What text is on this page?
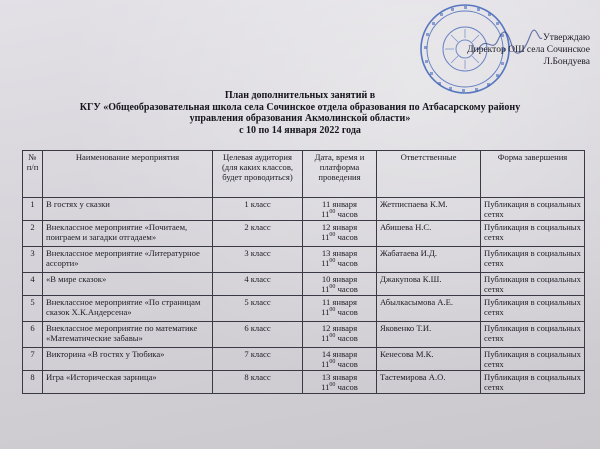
Утверждаю
Директор ОШ села Сочинское
Л.Бондуева
План дополнительных занятий в
КГУ «Общеобразовательная школа села Сочинское отдела образования по Атбасарскому району
управления образования Акмолинской области»
с 10 по 14 января 2022 года
№ п/п	Наименование мероприятия	Целевая аудитория (для каких классов, будет проводиться)	Дата, время и платформа проведения	Ответственные	Форма завершения
1	В гостях у сказки	1 класс	11 января
$11^{00}$ часов	Жетписпаева К.М.	Публикация в социальных сетях
2	Внеклассное мероприятие «Почитаем, поиграем и загадки отгадаем»	2 класс	12 января
$11^{00}$ часов	Абишева Н.С.	Публикация в социальных сетях
3	Внеклассное мероприятие «Литературное ассорти»	3 класс	13 января
$11^{00}$ часов	Жабатаева И.Д.	Публикация в социальных сетях
4	«В мире сказок»	4 класс	10 января
$11^{00}$ часов	Джакупова К.Ш.	Публикация в социальных сетях
5	Внеклассное мероприятие «По страницам сказок Х.К.Андерсена»	5 класс	11 января
$11^{00}$ часов	Абылкасымова А.Е.	Публикация в социальных сетях
6	Внеклассное мероприятие по математике «Математические забавы»	6 класс	12 января
$11^{00}$ часов	Яковенко Т.И.	Публикация в социальных сетях
7	Викторина «В гостях у Тюбика»	7 класс	14 января
$11^{00}$ часов	Кенесова М.К.	Публикация в социальных сетях
8	Игра «Историческая зарница»	8 класс	13 января
$11^{00}$ часов	Тастемирова А.О.	Публикация в социальных сетях
